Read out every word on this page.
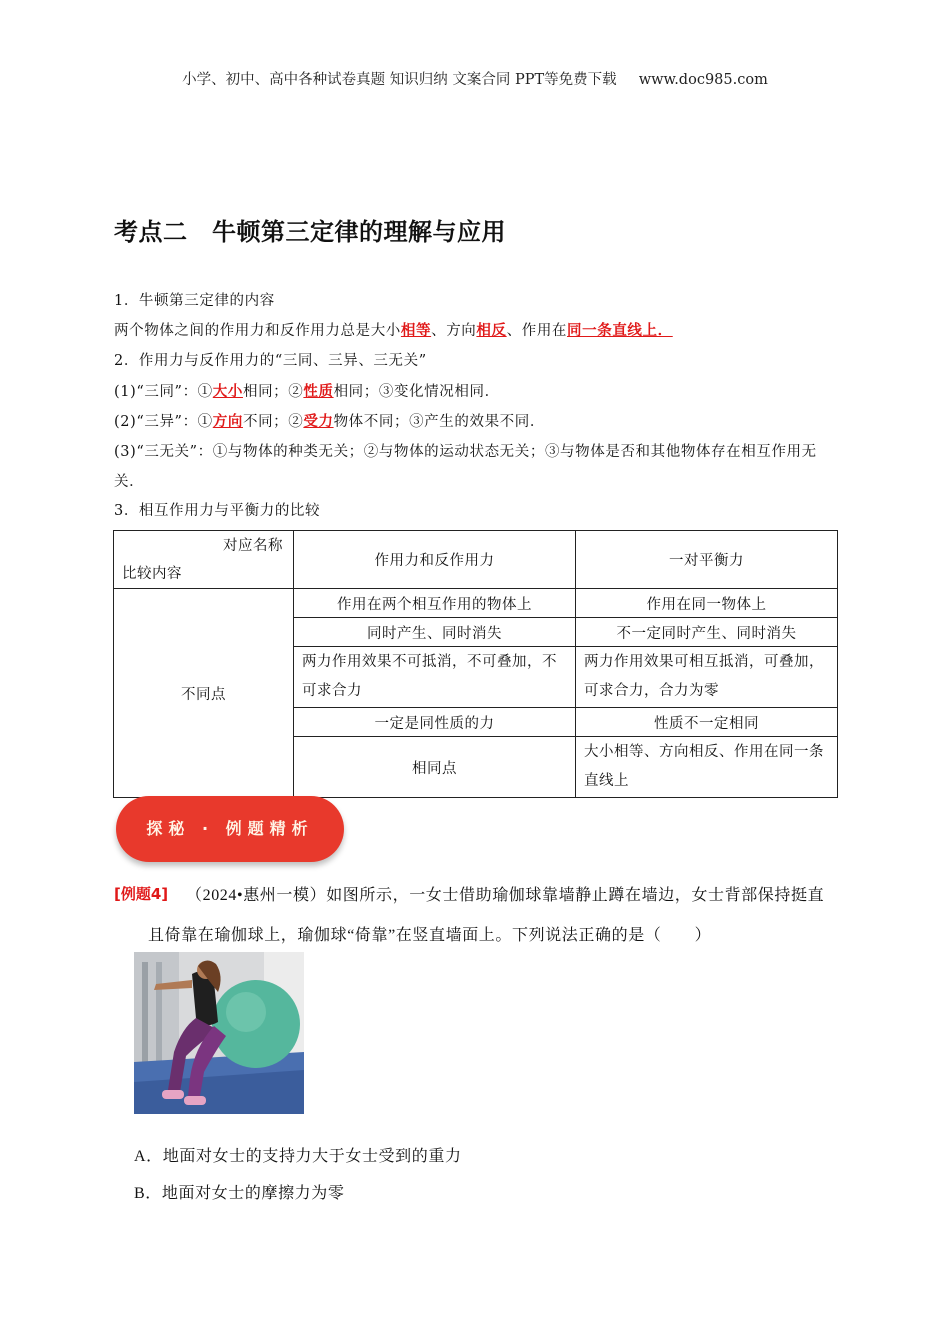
小学、初中、高中各种试卷真题 知识归纳 文案合同 PPT等免费下载 www.doc985.com
考点二　牛顿第三定律的理解与应用
1．牛顿第三定律的内容
两个物体之间的作用力和反作用力总是大小相等、方向相反、作用在同一条直线上．
2．作用力与反作用力的“三同、三异、三无关”
(1)“三同”：①大小相同；②性质相同；③变化情况相同．
(2)“三异”：①方向不同；②受力物体不同；③产生的效果不同．
(3)“三无关”：①与物体的种类无关；②与物体的运动状态无关；③与物体是否和其他物体存在相互作用无关．
3．相互作用力与平衡力的比较
对应名称
比较内容	作用力和反作用力	一对平衡力
不同点	作用在两个相互作用的物体上	作用在同一物体上
	同时产生、同时消失	不一定同时产生、同时消失
	两力作用效果不可抵消，不可叠加，不可求合力	两力作用效果可相互抵消，可叠加，可求合力，合力为零
	一定是同性质的力	性质不一定相同
	相同点	大小相等、方向相反、作用在同一条直线上
探秘 · 例题精析
[例题4] （2024•惠州一模）如图所示，一女士借助瑜伽球靠墙静止蹲在墙边，女士背部保持挺直
且倚靠在瑜伽球上，瑜伽球“倚靠”在竖直墙面上。下列说法正确的是（　　）
A．地面对女士的支持力大于女士受到的重力
B．地面对女士的摩擦力为零
